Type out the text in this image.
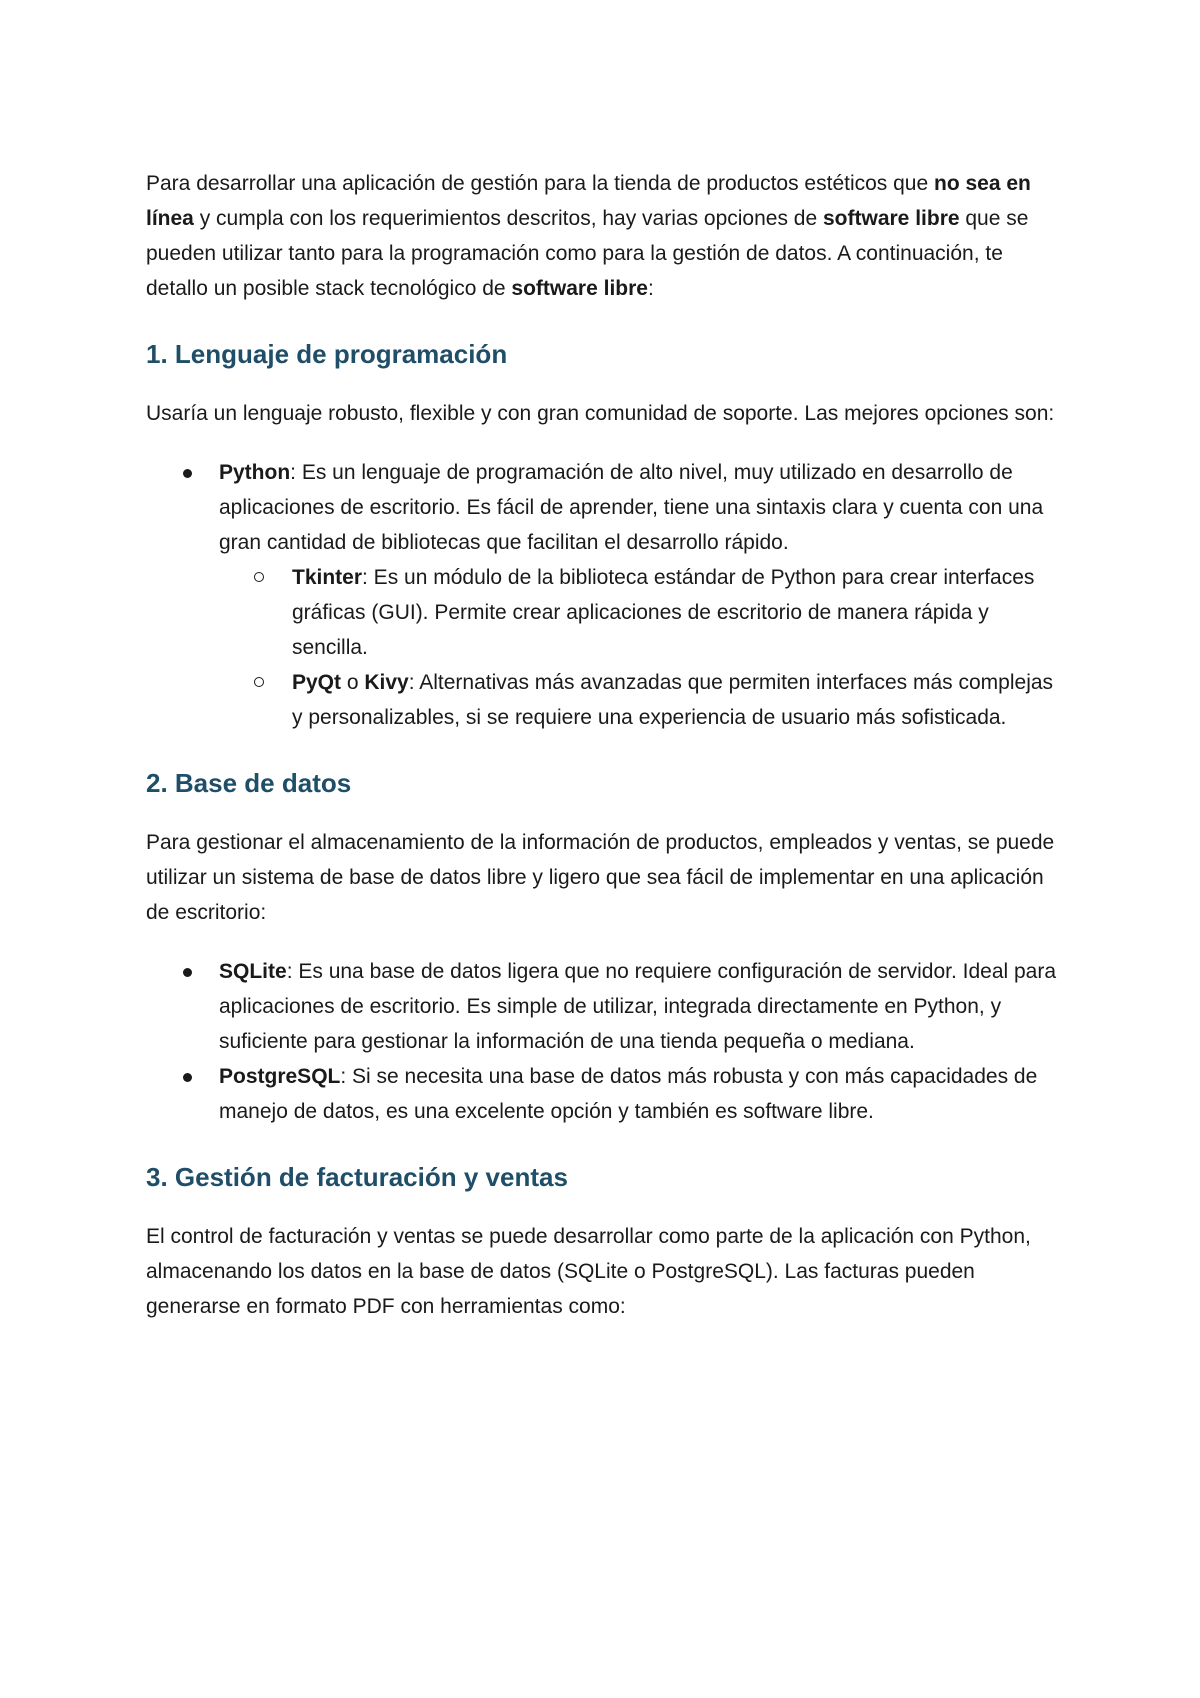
Para desarrollar una aplicación de gestión para la tienda de productos estéticos que no sea en línea y cumpla con los requerimientos descritos, hay varias opciones de software libre que se pueden utilizar tanto para la programación como para la gestión de datos. A continuación, te detallo un posible stack tecnológico de software libre:

1. Lenguaje de programación

Usaría un lenguaje robusto, flexible y con gran comunidad de soporte. Las mejores opciones son:

Python: Es un lenguaje de programación de alto nivel, muy utilizado en desarrollo de aplicaciones de escritorio. Es fácil de aprender, tiene una sintaxis clara y cuenta con una gran cantidad de bibliotecas que facilitan el desarrollo rápido.
Tkinter: Es un módulo de la biblioteca estándar de Python para crear interfaces gráficas (GUI). Permite crear aplicaciones de escritorio de manera rápida y sencilla.
PyQt o Kivy: Alternativas más avanzadas que permiten interfaces más complejas y personalizables, si se requiere una experiencia de usuario más sofisticada.
2. Base de datos

Para gestionar el almacenamiento de la información de productos, empleados y ventas, se puede utilizar un sistema de base de datos libre y ligero que sea fácil de implementar en una aplicación de escritorio:

SQLite: Es una base de datos ligera que no requiere configuración de servidor. Ideal para aplicaciones de escritorio. Es simple de utilizar, integrada directamente en Python, y suficiente para gestionar la información de una tienda pequeña o mediana.
PostgreSQL: Si se necesita una base de datos más robusta y con más capacidades de manejo de datos, es una excelente opción y también es software libre.
3. Gestión de facturación y ventas

El control de facturación y ventas se puede desarrollar como parte de la aplicación con Python, almacenando los datos en la base de datos (SQLite o PostgreSQL). Las facturas pueden generarse en formato PDF con herramientas como:
